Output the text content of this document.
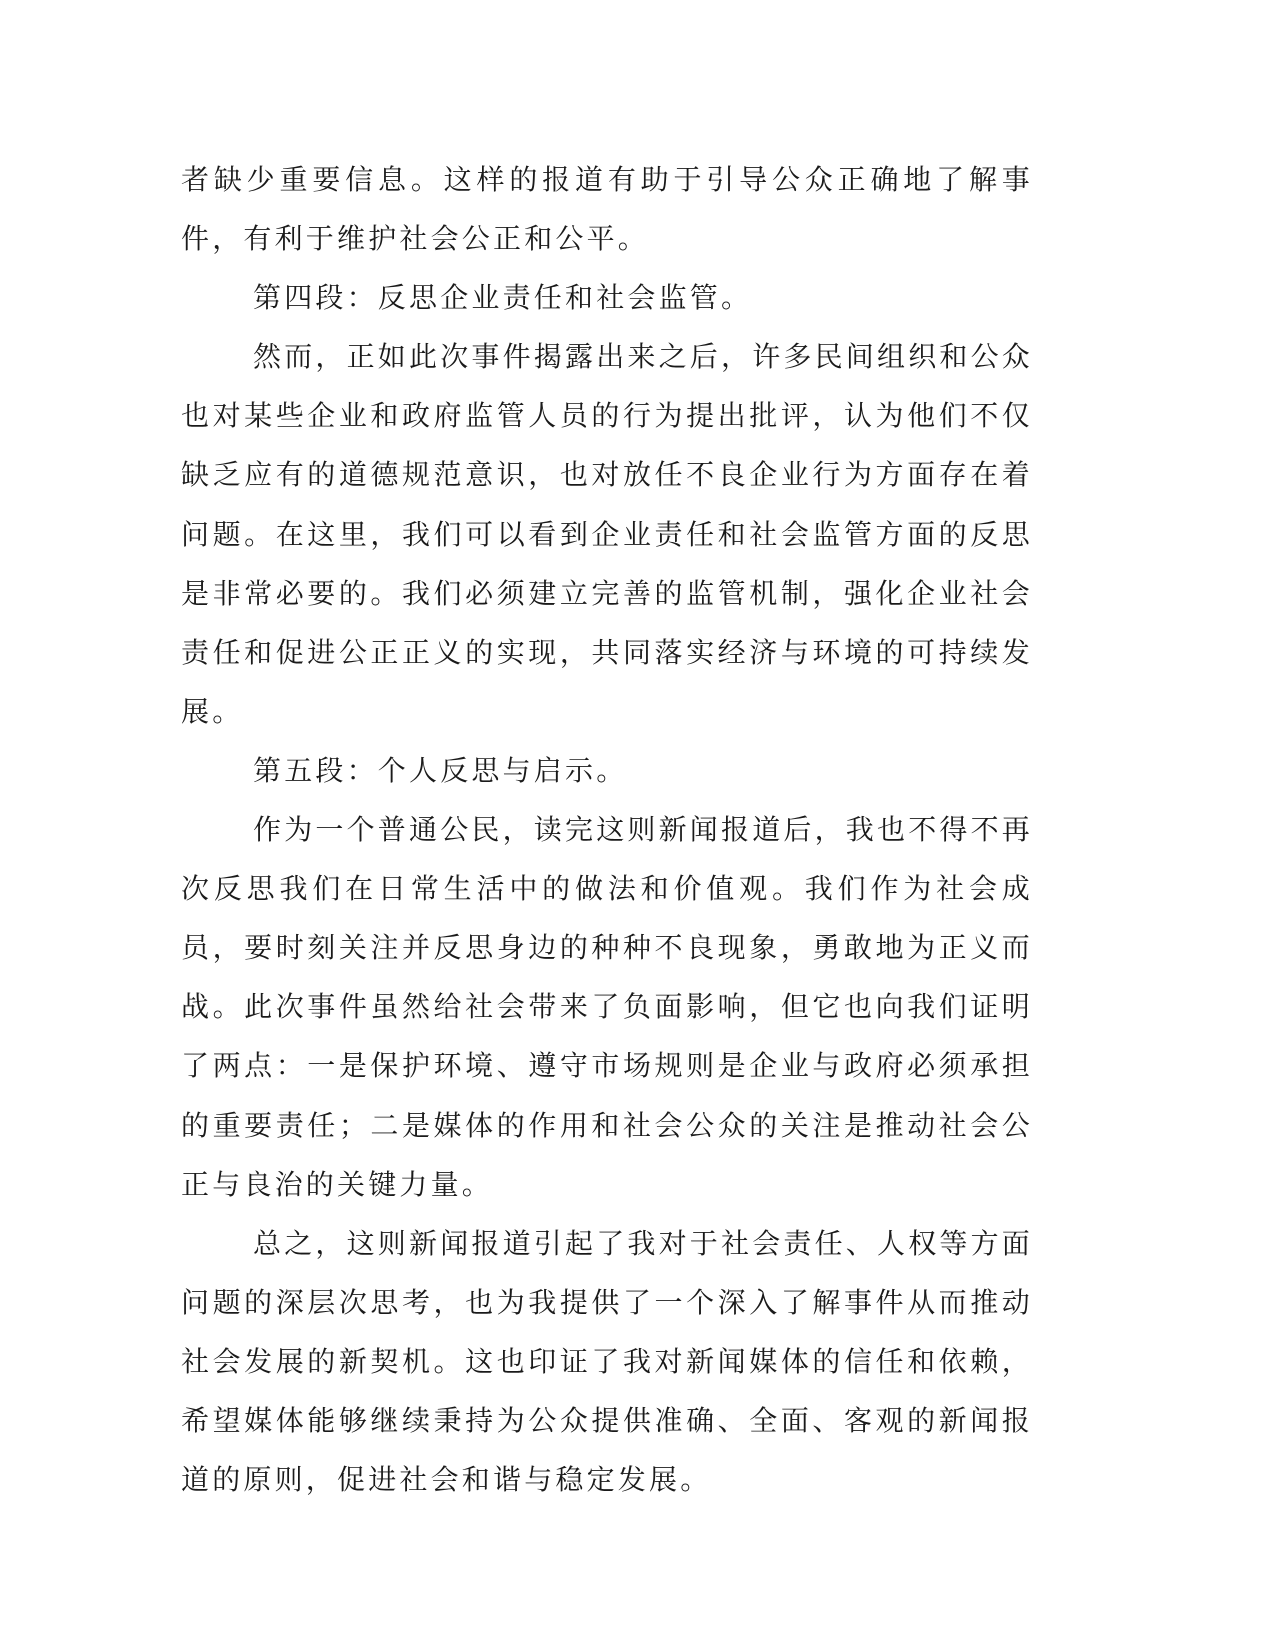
者缺少重要信息。这样的报道有助于引导公众正确地了解事件，有利于维护社会公正和公平。

第四段：反思企业责任和社会监管。

然而，正如此次事件揭露出来之后，许多民间组织和公众也对某些企业和政府监管人员的行为提出批评，认为他们不仅缺乏应有的道德规范意识，也对放任不良企业行为方面存在着问题。在这里，我们可以看到企业责任和社会监管方面的反思是非常必要的。我们必须建立完善的监管机制，强化企业社会责任和促进公正正义的实现，共同落实经济与环境的可持续发展。

第五段：个人反思与启示。

作为一个普通公民，读完这则新闻报道后，我也不得不再次反思我们在日常生活中的做法和价值观。我们作为社会成员，要时刻关注并反思身边的种种不良现象，勇敢地为正义而战。此次事件虽然给社会带来了负面影响，但它也向我们证明了两点：一是保护环境、遵守市场规则是企业与政府必须承担的重要责任；二是媒体的作用和社会公众的关注是推动社会公正与良治的关键力量。

总之，这则新闻报道引起了我对于社会责任、人权等方面问题的深层次思考，也为我提供了一个深入了解事件从而推动社会发展的新契机。这也印证了我对新闻媒体的信任和依赖，希望媒体能够继续秉持为公众提供准确、全面、客观的新闻报道的原则，促进社会和谐与稳定发展。
